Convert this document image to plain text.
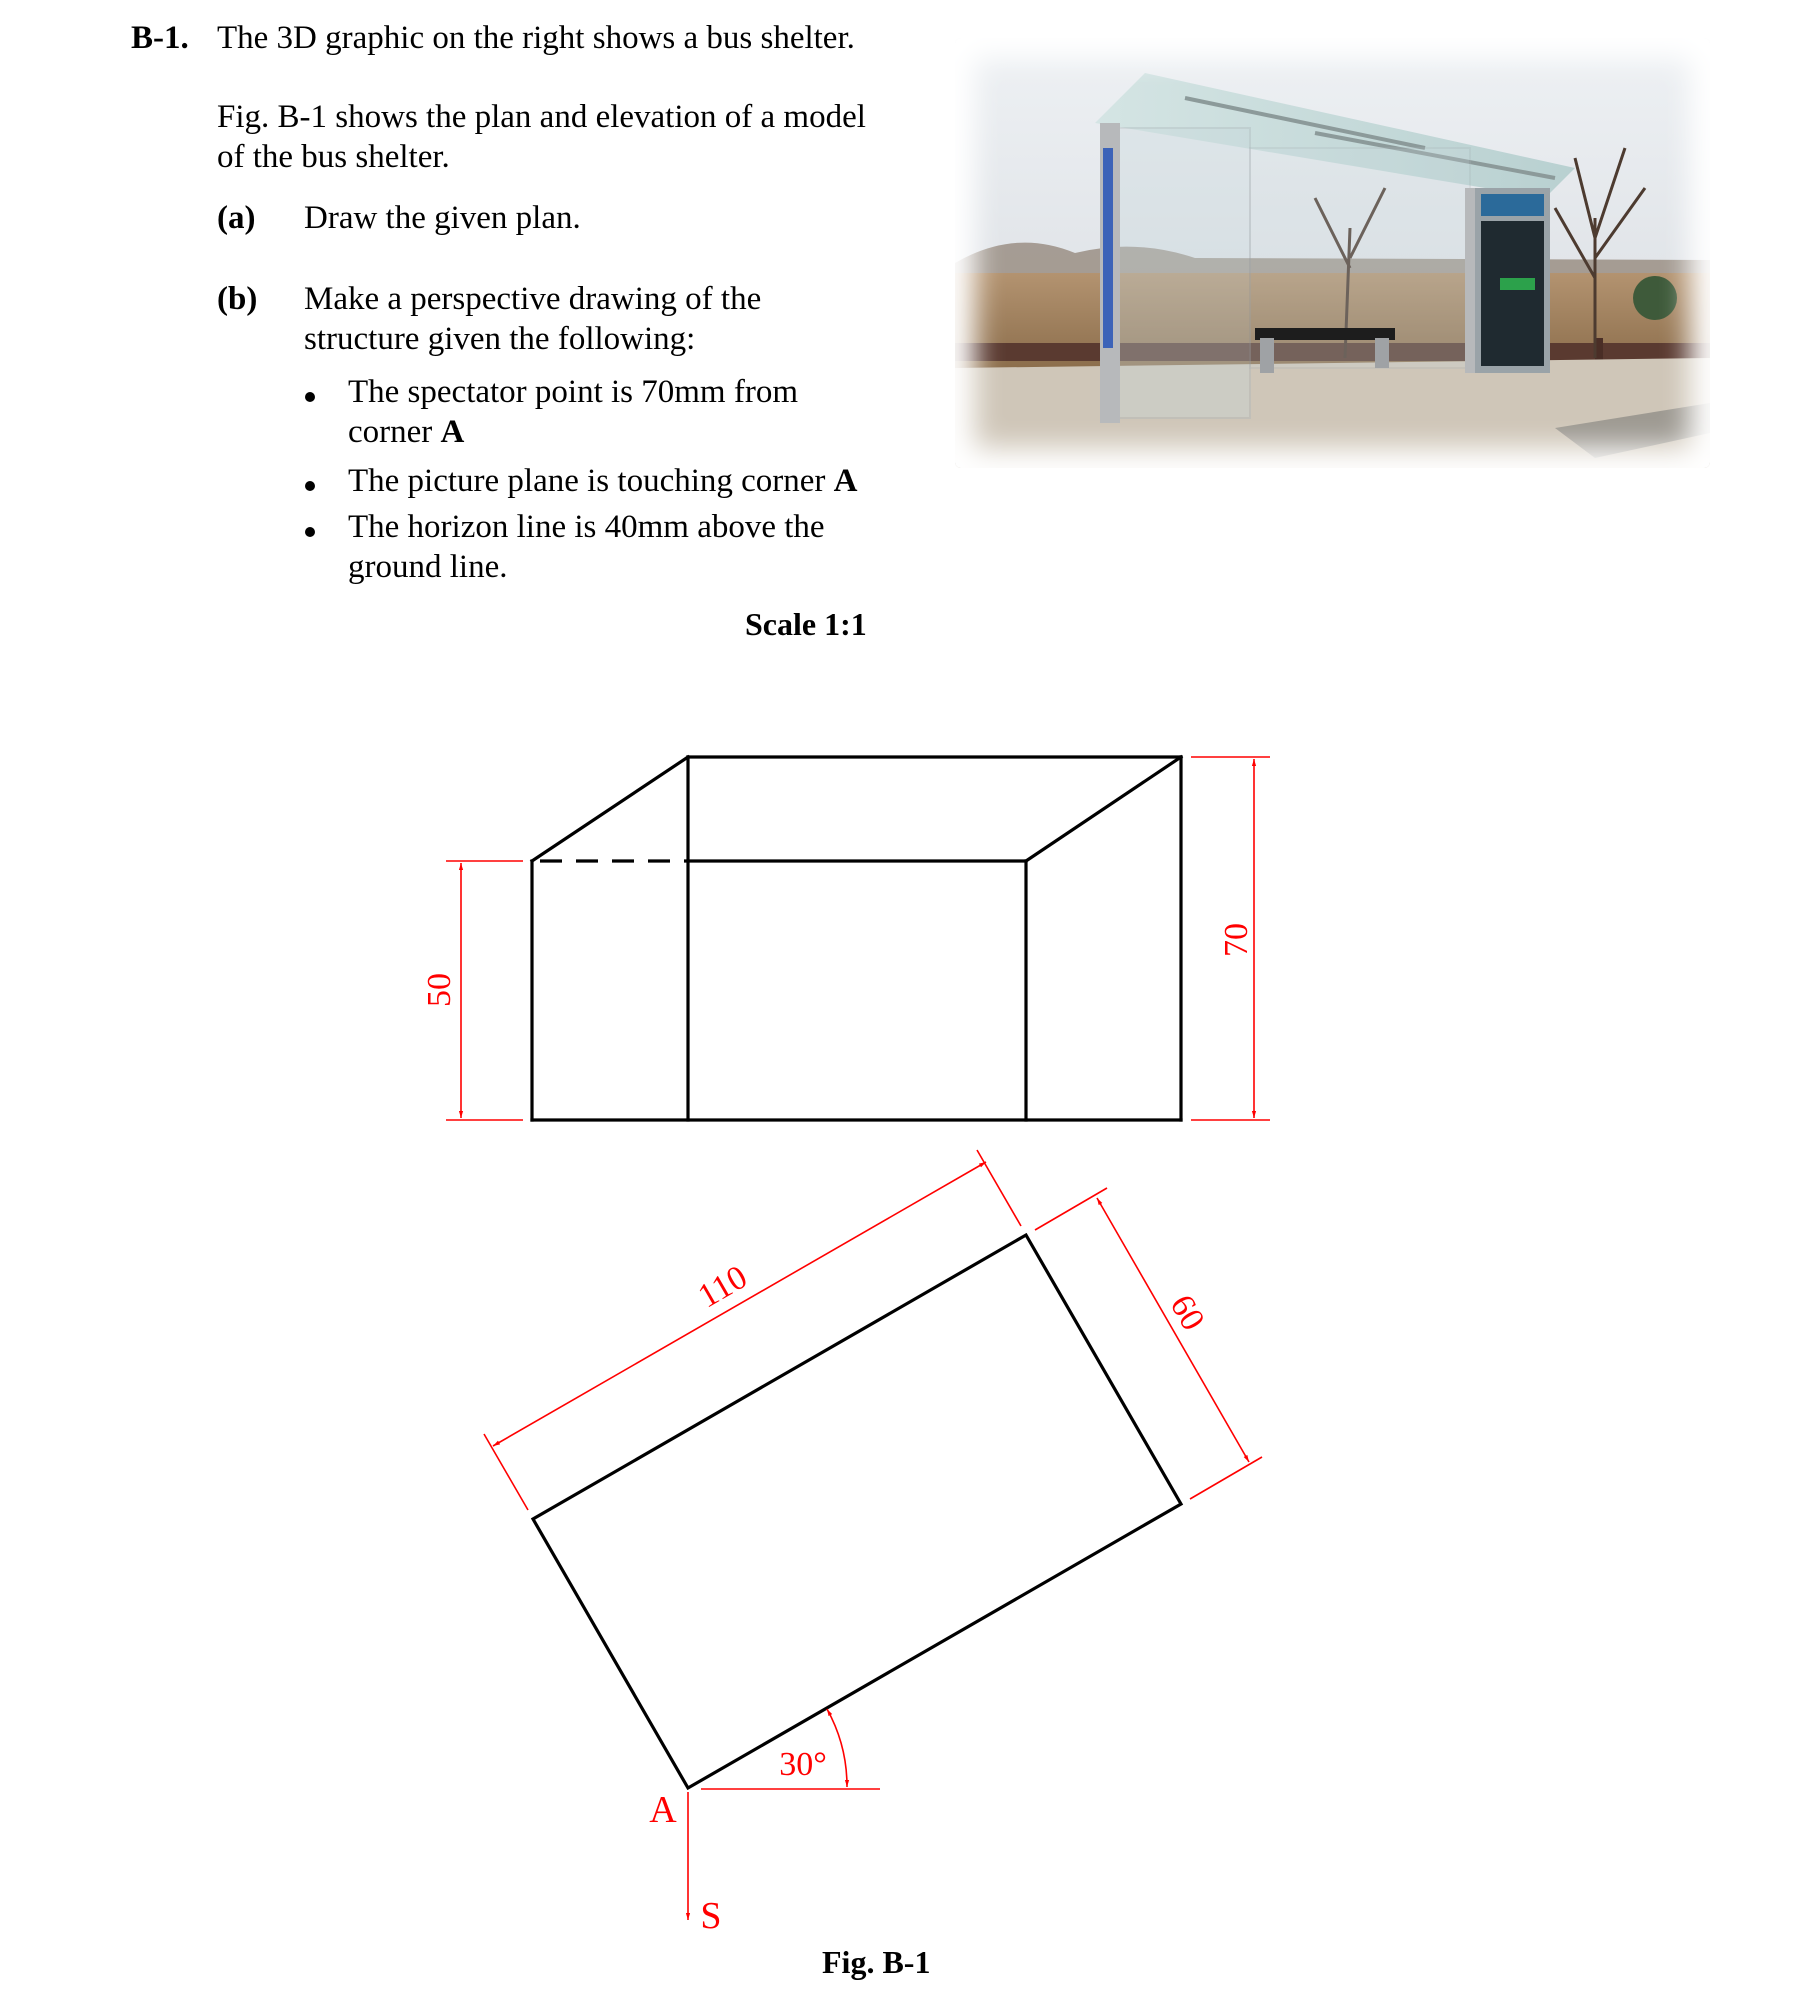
B-1. The 3D graphic on the right shows a bus shelter.
Fig. B-1 shows the plan and elevation of a model
of the bus shelter.
(a) Draw the given plan.
(b) Make a perspective drawing of the
structure given the following:
The spectator point is 70mm from
corner A
The picture plane is touching corner A
The horizon line is 40mm above the
ground line.
Scale 1:1
50
70
110	60
30°
A
S
Fig. B-1
